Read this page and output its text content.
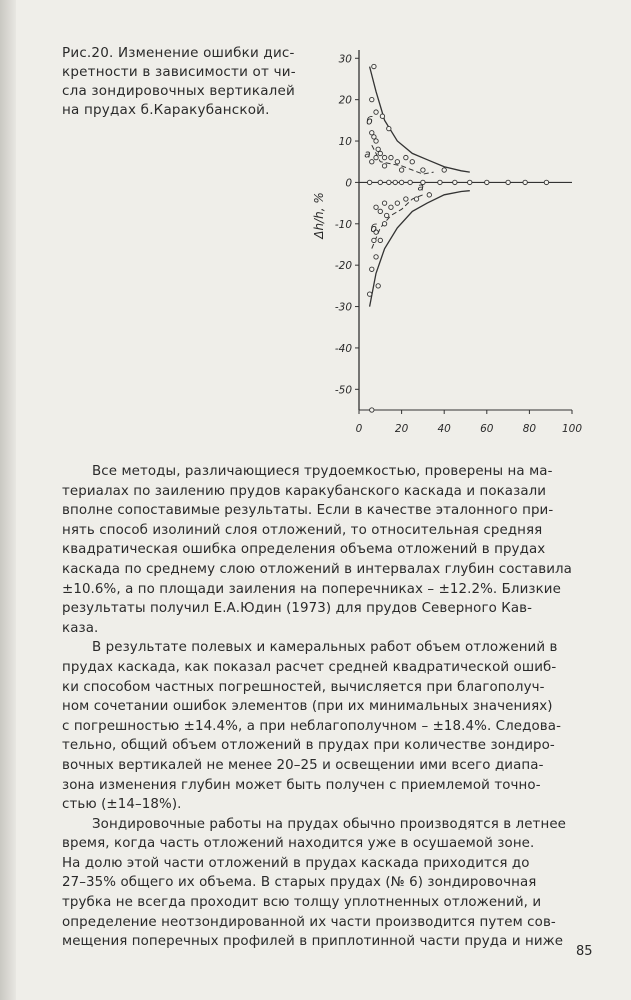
Рис.20. Изменение ошибки дис-
кретности в зависимости от чи-
сла зондировочных вертикалей
на прудах б.Каракубанской.
30
20
10
0
-10
-20
-30
-40
-50
0	20	40	60	80 100
Δh/h, %
б
а
а
б
Все методы, различающиеся трудоемкостью, проверены на ма-
териалах по заилению прудов каракубанского каскада и показали
вполне сопоставимые результаты. Если в качестве эталонного при-
нять способ изолиний слоя отложений, то относительная средняя
квадратическая ошибка определения объема отложений в прудах
каскада по среднему слою отложений в интервалах глубин составила
±10.6%, а по площади заиления на поперечниках – ±12.2%. Близкие
результаты получил Е.А.Юдин (1973) для прудов Северного Кав-
каза.
В результате полевых и камеральных работ объем отложений в
прудах каскада, как показал расчет средней квадратической ошиб-
ки способом частных погрешностей, вычисляется при благополуч-
ном сочетании ошибок элементов (при их минимальных значениях)
с погрешностью ±14.4%, а при неблагополучном – ±18.4%. Следова-
тельно, общий объем отложений в прудах при количестве зондиро-
вочных вертикалей не менее 20–25 и освещении ими всего диапа-
зона изменения глубин может быть получен с приемлемой точно-
стью (±14–18%).
Зондировочные работы на прудах обычно производятся в летнее
время, когда часть отложений находится уже в осушаемой зоне.
На долю этой части отложений в прудах каскада приходится до
27–35% общего их объема. В старых прудах (№ 6) зондировочная
трубка не всегда проходит всю толщу уплотненных отложений, и
определение неотзондированной их части производится путем сов-
мещения поперечных профилей в приплотинной части пруда и ниже
85
